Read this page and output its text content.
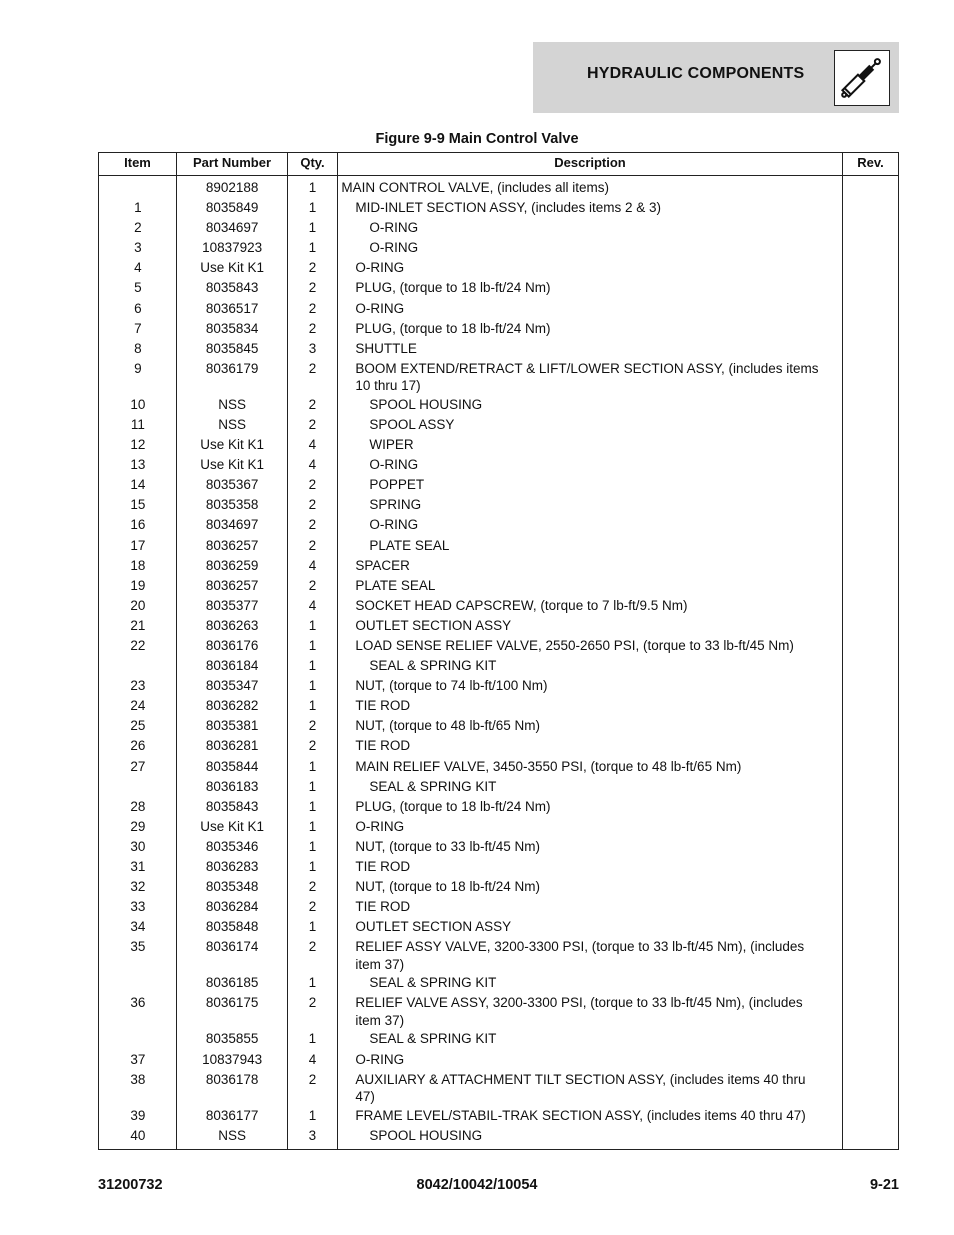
HYDRAULIC COMPONENTS
Figure 9-9 Main Control Valve
Item	Part Number	Qty.	Description	Rev.
8902188	1	MAIN CONTROL VALVE, (includes all items)
1	8035849	1	MID-INLET SECTION ASSY, (includes items 2 & 3)
2	8034697	1	O-RING
3	10837923	1	O-RING
4	Use Kit K1	2	O-RING
5	8035843	2	PLUG, (torque to 18 lb-ft/24 Nm)
6	8036517	2	O-RING
7	8035834	2	PLUG, (torque to 18 lb-ft/24 Nm)
8	8035845	3	SHUTTLE
9	8036179	2	BOOM EXTEND/RETRACT & LIFT/LOWER SECTION ASSY, (includes items 10 thru 17)
10	NSS	2	SPOOL HOUSING
11	NSS	2	SPOOL ASSY
12	Use Kit K1	4	WIPER
13	Use Kit K1	4	O-RING
14	8035367	2	POPPET
15	8035358	2	SPRING
16	8034697	2	O-RING
17	8036257	2	PLATE SEAL
18	8036259	4	SPACER
19	8036257	2	PLATE SEAL
20	8035377	4	SOCKET HEAD CAPSCREW, (torque to 7 lb-ft/9.5 Nm)
21	8036263	1	OUTLET SECTION ASSY
22	8036176	1	LOAD SENSE RELIEF VALVE, 2550-2650 PSI, (torque to 33 lb-ft/45 Nm)
8036184	1	SEAL & SPRING KIT
23	8035347	1	NUT, (torque to 74 lb-ft/100 Nm)
24	8036282	1	TIE ROD
25	8035381	2	NUT, (torque to 48 lb-ft/65 Nm)
26	8036281	2	TIE ROD
27	8035844	1	MAIN RELIEF VALVE, 3450-3550 PSI, (torque to 48 lb-ft/65 Nm)
8036183	1	SEAL & SPRING KIT
28	8035843	1	PLUG, (torque to 18 lb-ft/24 Nm)
29	Use Kit K1	1	O-RING
30	8035346	1	NUT, (torque to 33 lb-ft/45 Nm)
31	8036283	1	TIE ROD
32	8035348	2	NUT, (torque to 18 lb-ft/24 Nm)
33	8036284	2	TIE ROD
34	8035848	1	OUTLET SECTION ASSY
35	8036174	2	RELIEF ASSY VALVE, 3200-3300 PSI, (torque to 33 lb-ft/45 Nm), (includes item 37)
8036185	1	SEAL & SPRING KIT
36	8036175	2	RELIEF VALVE ASSY, 3200-3300 PSI, (torque to 33 lb-ft/45 Nm), (includes item 37)
8035855	1	SEAL & SPRING KIT
37	10837943	4	O-RING
38	8036178	2	AUXILIARY & ATTACHMENT TILT SECTION ASSY, (includes items 40 thru 47)
39	8036177	1	FRAME LEVEL/STABIL-TRAK SECTION ASSY, (includes items 40 thru 47)
40	NSS	3	SPOOL HOUSING
31200732	8042/10042/10054	9-21
